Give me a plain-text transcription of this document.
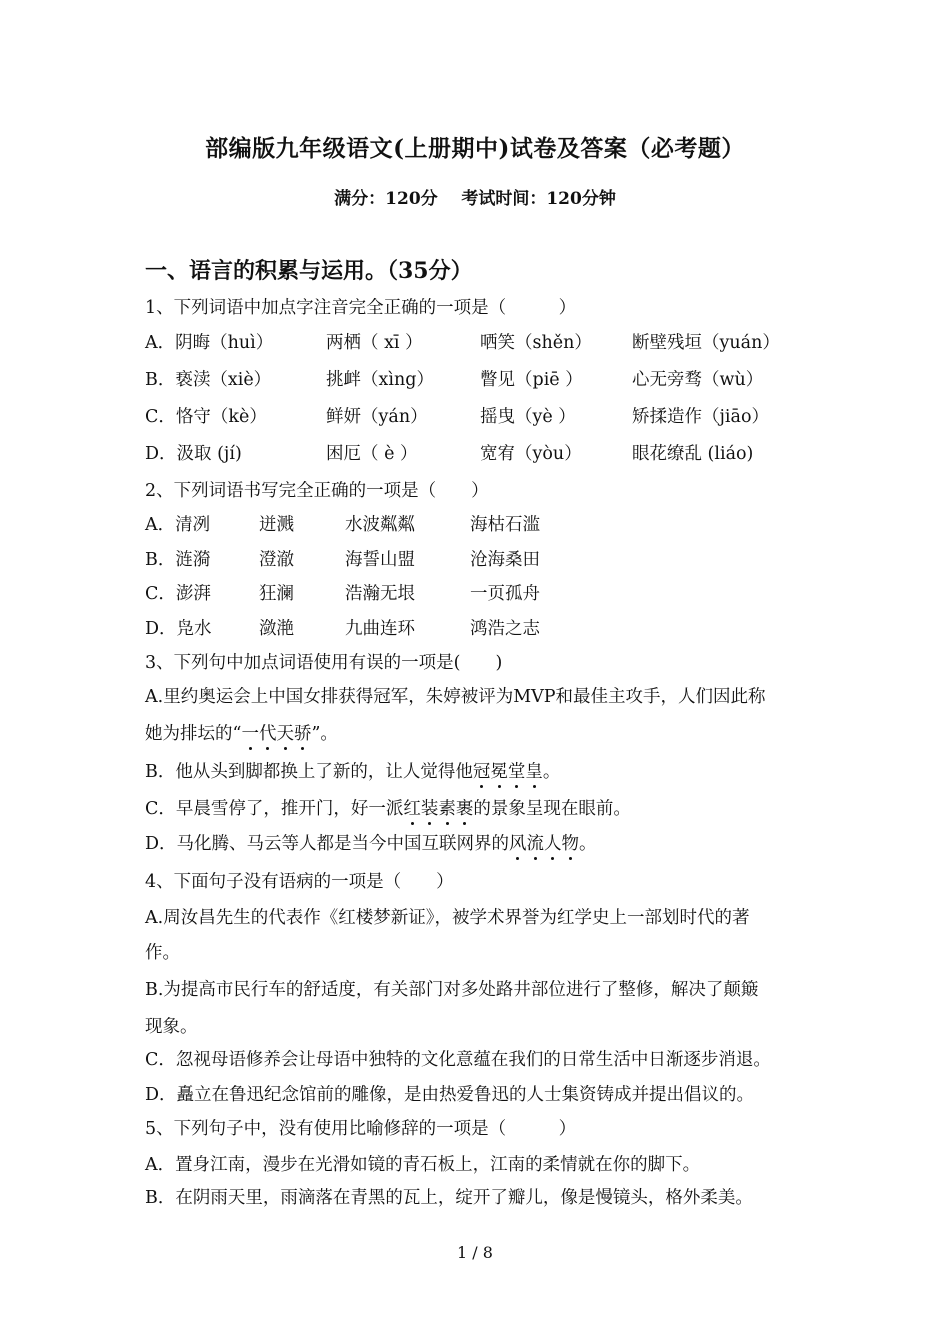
部编版九年级语文(上册期中)试卷及答案（必考题）
满分：120分    考试时间：120分钟
一、语言的积累与运用。（35分）
1、下列词语中加点字注音完全正确的一项是（　　　）
A．阴晦（huì）	两栖（ xī ）	哂笑（shěn） 断壁残垣（yuán）
B．亵渎（xiè）	挑衅（xìng）	瞥见（piē ）	心无旁骛（wù）
C．恪守（kè）	鲜妍（yán）	摇曳（yè ）	矫揉造作（jiāo）
D．汲取 (jí)	困厄（ è ）	宽宥（yòu）	眼花缭乱 (liáo)
2、下列词语书写完全正确的一项是（　　）
A．清冽	迸溅	水波粼粼	海枯石滥
B．涟漪	澄澈	海誓山盟	沧海桑田
C．澎湃	狂澜	浩瀚无垠	一页孤舟
D．凫水	潋滟	九曲连环	鸿浩之志
3、下列句中加点词语使用有误的一项是(　　)
A.里约奥运会上中国女排获得冠军，朱婷被评为MVP和最佳主攻手，人们因此称
她为排坛的“一代天骄”。
B．他从头到脚都换上了新的，让人觉得他冠冕堂皇。
C．早晨雪停了，推开门，好一派红装素裹的景象呈现在眼前。
D．马化腾、马云等人都是当今中国互联网界的风流人物。
4、下面句子没有语病的一项是（　　）
A.周汝昌先生的代表作《红楼梦新证》，被学术界誉为红学史上一部划时代的著
作。
B.为提高市民行车的舒适度，有关部门对多处路井部位进行了整修，解决了颠簸
现象。
C．忽视母语修养会让母语中独特的文化意蕴在我们的日常生活中日渐逐步消退。
D．矗立在鲁迅纪念馆前的雕像，是由热爱鲁迅的人士集资铸成并提出倡议的。
5、下列句子中，没有使用比喻修辞的一项是（　　　）
A．置身江南，漫步在光滑如镜的青石板上，江南的柔情就在你的脚下。
B．在阴雨天里，雨滴落在青黑的瓦上，绽开了瓣儿，像是慢镜头，格外柔美。
1 / 8
